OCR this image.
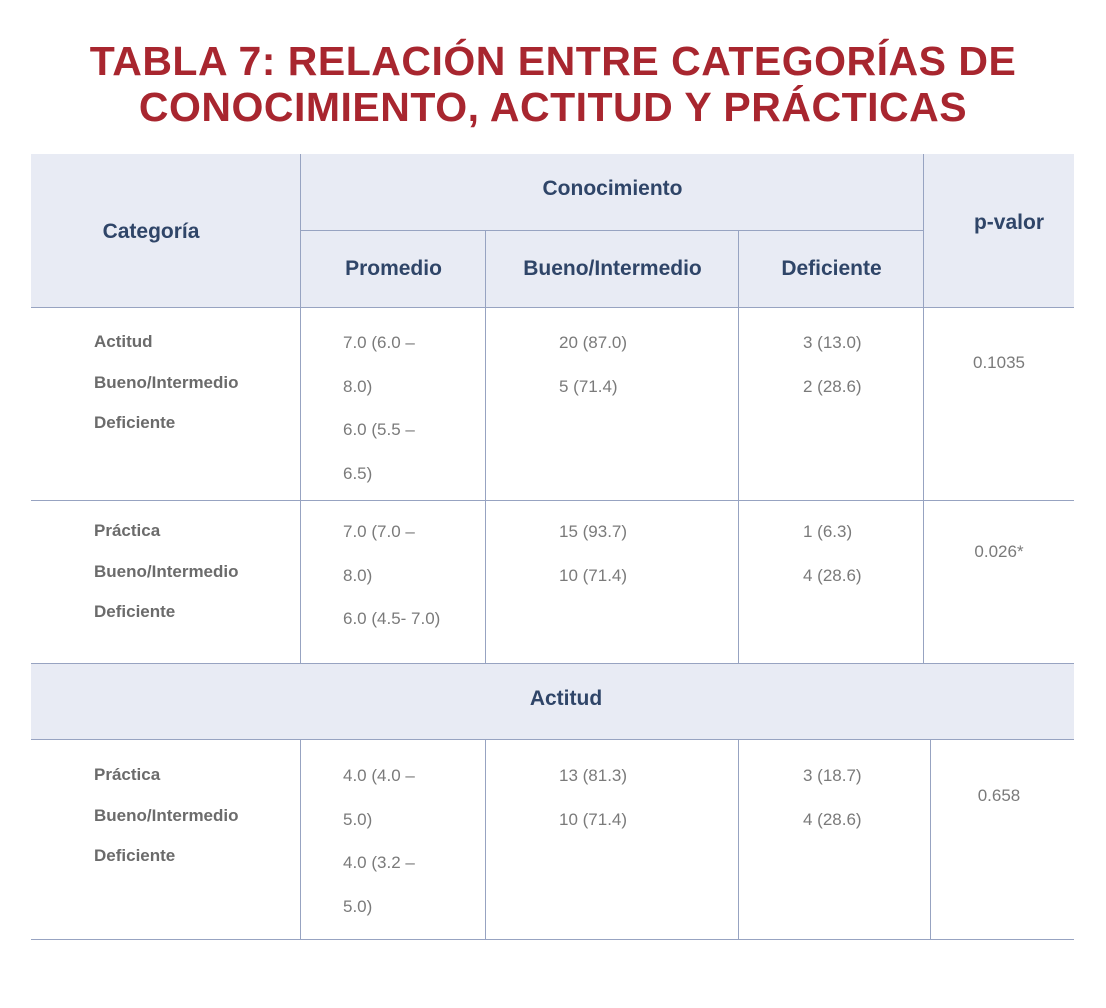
TABLA 7: RELACIÓN ENTRE CATEGORÍAS DE
CONOCIMIENTO, ACTITUD Y PRÁCTICAS
Categoría
Conocimiento
p-valor
Promedio	Bueno/Intermedio	Deficiente
Actitud
Actitud
Bueno/Intermedio
Deficiente
7.0 (6.0 –
8.0)
6.0 (5.5 –
6.5)
20 (87.0)
5 (71.4)
3 (13.0)
2 (28.6)
0.1035
Práctica
Bueno/Intermedio
Deficiente
7.0 (7.0 –
8.0)
6.0 (4.5- 7.0)
15 (93.7)
10 (71.4)
1 (6.3)
4 (28.6)
0.026*
Práctica
Bueno/Intermedio
Deficiente
4.0 (4.0 –
5.0)
4.0 (3.2 –
5.0)
13 (81.3)
10 (71.4)
3 (18.7)
4 (28.6)
0.658
